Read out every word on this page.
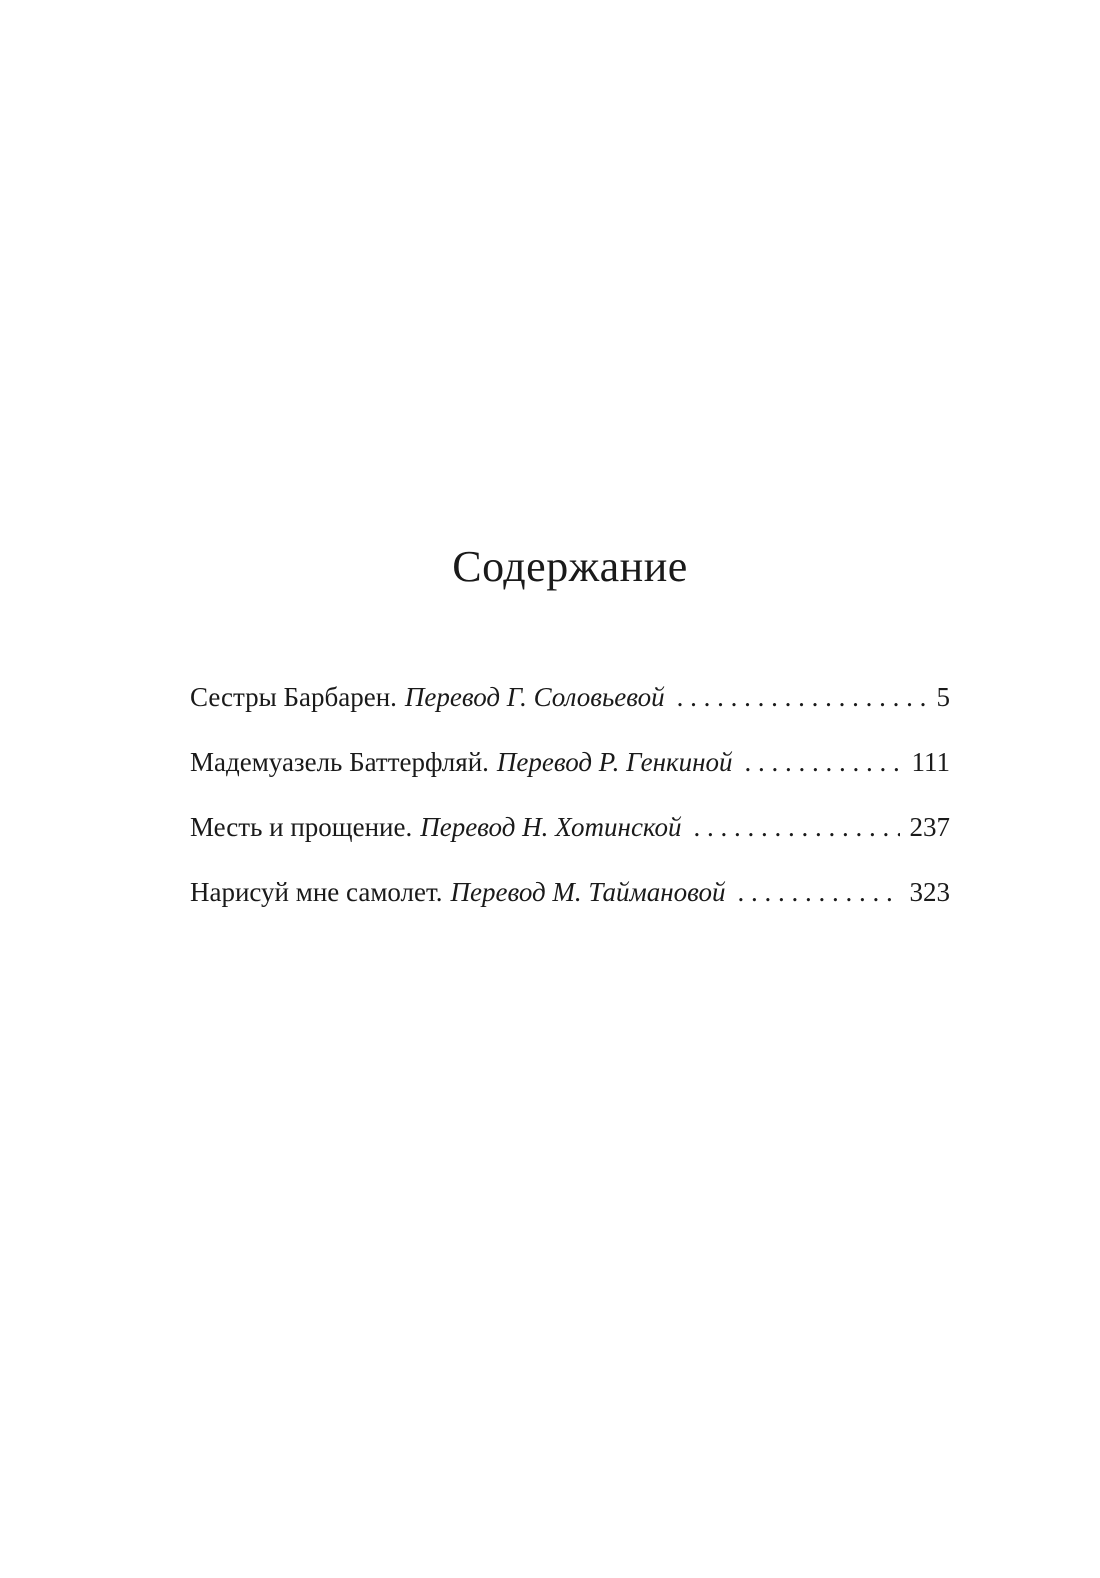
Содержание
Сестры Барбарен. Перевод Г. Соловьевой . . .	5
Мадемуазель Баттерфляй. Перевод Р. Генкиной . . .	111
Месть и прощение. Перевод Н. Хотинской . . .	237
Нарисуй мне самолет. Перевод М. Таймановой . . .	323
